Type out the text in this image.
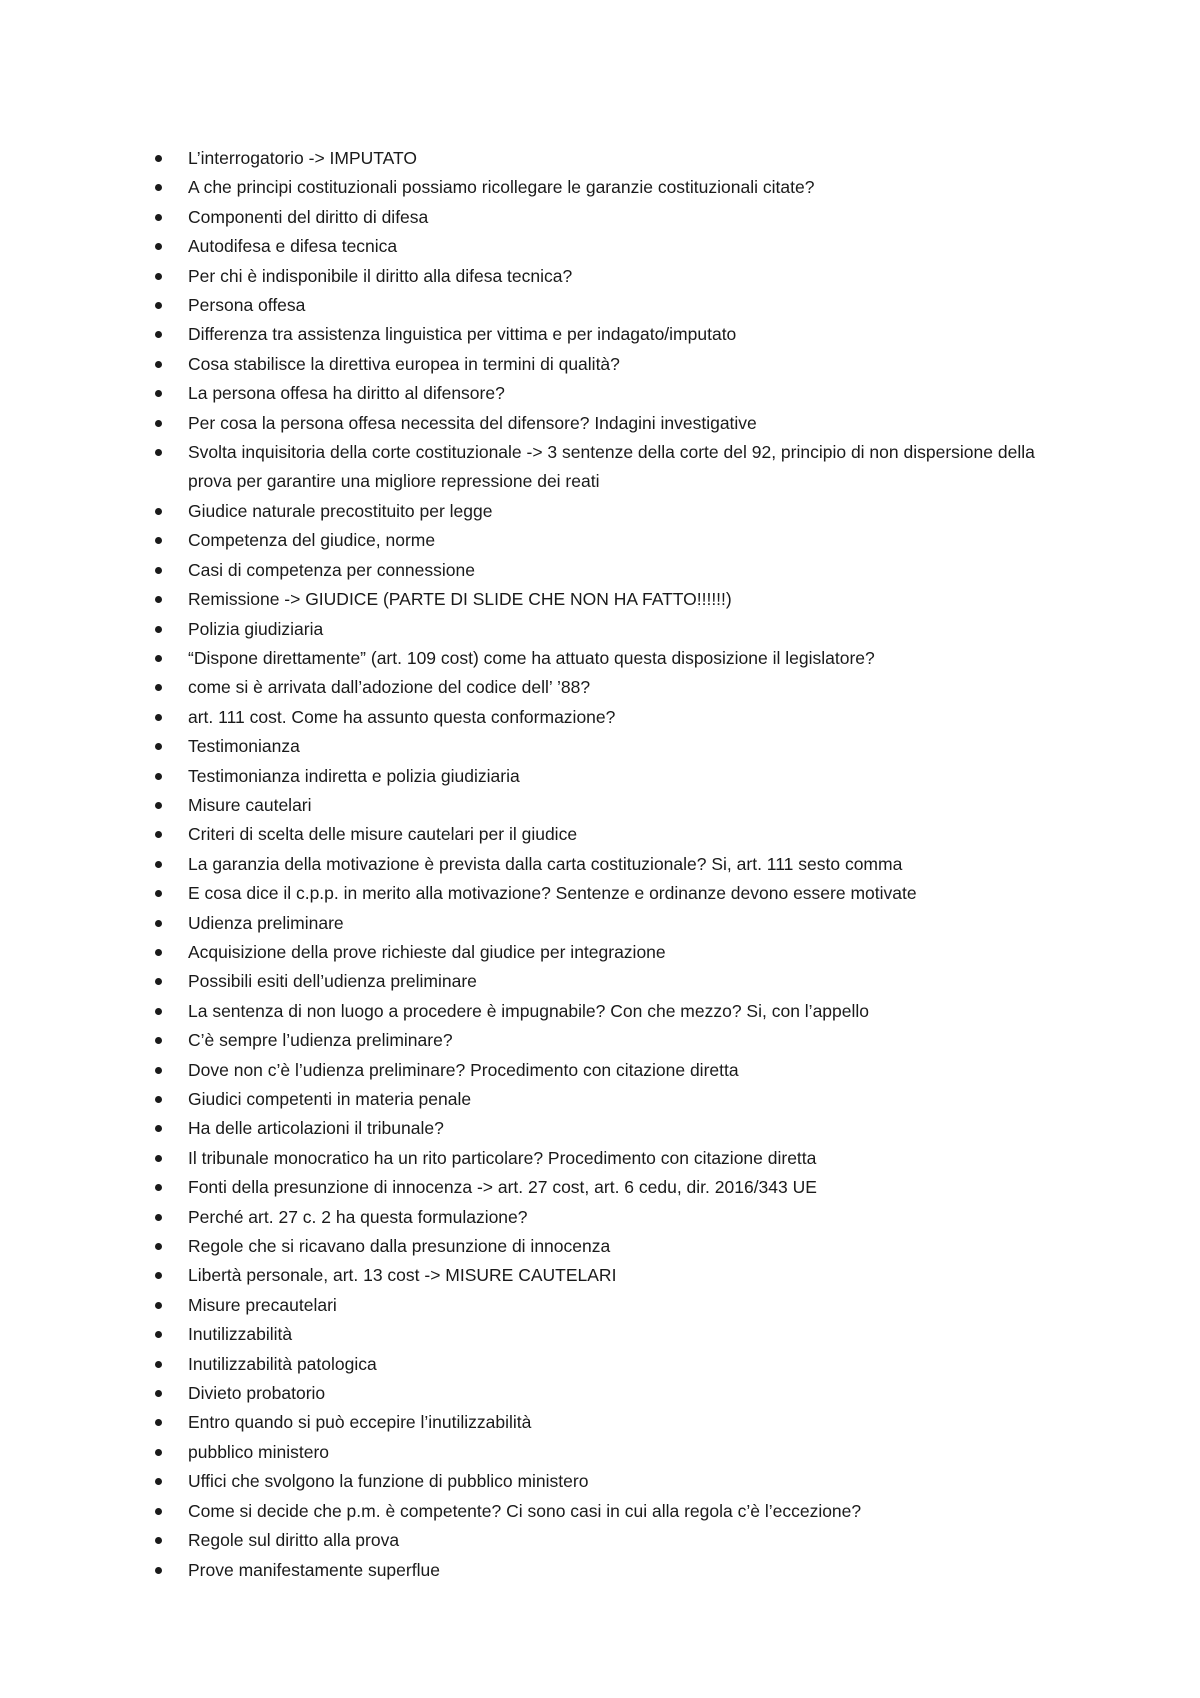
L’interrogatorio -> IMPUTATO
A che principi costituzionali possiamo ricollegare le garanzie costituzionali citate?
Componenti del diritto di difesa
Autodifesa e difesa tecnica
Per chi è indisponibile il diritto alla difesa tecnica?
Persona offesa
Differenza tra assistenza linguistica per vittima e per indagato/imputato
Cosa stabilisce la direttiva europea in termini di qualità?
La persona offesa ha diritto al difensore?
Per cosa la persona offesa necessita del difensore? Indagini investigative
Svolta inquisitoria della corte costituzionale -> 3 sentenze della corte del 92, principio di non dispersione della prova per garantire una migliore repressione dei reati
Giudice naturale precostituito per legge
Competenza del giudice, norme
Casi di competenza per connessione
Remissione -> GIUDICE (PARTE DI SLIDE CHE NON HA FATTO!!!!!!)
Polizia giudiziaria
“Dispone direttamente” (art. 109 cost) come ha attuato questa disposizione il legislatore?
come si è arrivata dall’adozione del codice dell’ ’88?
art. 111 cost. Come ha assunto questa conformazione?
Testimonianza
Testimonianza indiretta e polizia giudiziaria
Misure cautelari
Criteri di scelta delle misure cautelari per il giudice
La garanzia della motivazione è prevista dalla carta costituzionale? Si, art. 111 sesto comma
E cosa dice il c.p.p. in merito alla motivazione? Sentenze e ordinanze devono essere motivate
Udienza preliminare
Acquisizione della prove richieste dal giudice per integrazione
Possibili esiti dell’udienza preliminare
La sentenza di non luogo a procedere è impugnabile? Con che mezzo? Si, con l’appello
C’è sempre l’udienza preliminare?
Dove non c’è l’udienza preliminare? Procedimento con citazione diretta
Giudici competenti in materia penale
Ha delle articolazioni il tribunale?
Il tribunale monocratico ha un rito particolare? Procedimento con citazione diretta
Fonti della presunzione di innocenza -> art. 27 cost, art. 6 cedu, dir. 2016/343 UE
Perché art. 27 c. 2 ha questa formulazione?
Regole che si ricavano dalla presunzione di innocenza
Libertà personale, art. 13 cost -> MISURE CAUTELARI
Misure precautelari
Inutilizzabilità
Inutilizzabilità patologica
Divieto probatorio
Entro quando si può eccepire l’inutilizzabilità
pubblico ministero
Uffici che svolgono la funzione di pubblico ministero
Come si decide che p.m. è competente? Ci sono casi in cui alla regola c’è l’eccezione?
Regole sul diritto alla prova
Prove manifestamente superflue
